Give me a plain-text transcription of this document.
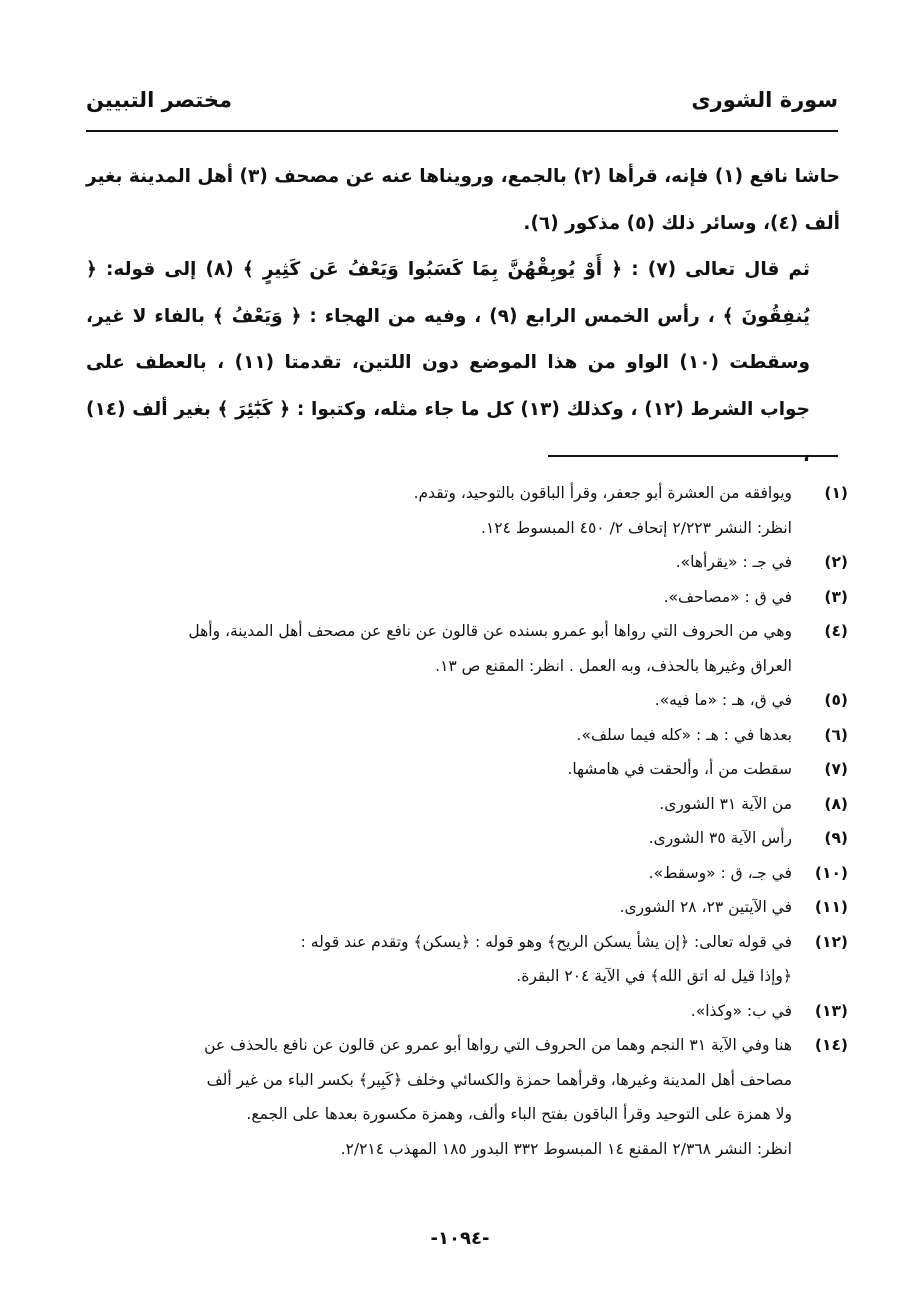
سورة الشورى
مختصر التبيين

حاشا نافع (١) فإنه، قرأها (٢) بالجمع، ورويناها عنه عن مصحف (٣) أهل المدينة بغير ألف (٤)، وسائر ذلك (٥) مذكور (٦).

ثم قال تعالى (٧) : ﴿ أَوْ يُوبِقْهُنَّ بِمَا كَسَبُوا وَيَعْفُ عَن كَثِيرٍ ﴾ (٨) إلى قوله: ﴿ يُنفِقُونَ ﴾ ، رأس الخمس الرابع (٩) ، وفيه من الهجاء : ﴿ وَيَعْفُ ﴾ بالفاء لا غير، وسقطت (١٠) الواو من هذا الموضع دون اللتين، تقدمتا (١١) ، بالعطف على جواب الشرط (١٢) ، وكذلك (١٣) كل ما جاء مثله، وكتبوا : ﴿ كَبَٰٓئِرَ ﴾ بغير ألف (١٤) ،

(١)
ويوافقه من العشرة أبو جعفر، وقرأ الباقون بالتوحيد، وتقدم.
انظر: النشر ٢/٢٢٣ إتحاف ٢/ ٤٥٠ المبسوط ١٢٤.
(٢)
في جـ : «يقرأها».
(٣)
في ق : «مصاحف».
(٤)
وهي من الحروف التي رواها أبو عمرو بسنده عن قالون عن نافع عن مصحف أهل المدينة، وأهل
العراق وغيرها بالحذف، وبه العمل . انظر: المقنع ص ١٣.
(٥)
في ق، هـ : «ما فيه».
(٦)
بعدها في : هـ : «كله فيما سلف».
(٧)
سقطت من أ، وألحقت في هامشها.
(٨)
من الآية ٣١ الشورى.
(٩)
رأس الآية ٣٥ الشورى.
(١٠)
في جـ، ق : «وسقط».
(١١)
في الآيتين ٢٣، ٢٨ الشورى.
(١٢)
في قوله تعالى: ﴿إن يشأ يسكن الريح﴾ وهو قوله : ﴿يسكن﴾ وتقدم عند قوله :
﴿وإذا قيل له اتق الله﴾ في الآية ٢٠٤ البقرة.
(١٣)
في ب: «وكذا».
(١٤)
هنا وفي الآية ٣١ النجم وهما من الحروف التي رواها أبو عمرو عن قالون عن نافع بالحذف عن
مصاحف أهل المدينة وغيرها، وقرأهما حمزة والكسائي وخلف ﴿كَبِير﴾ بكسر الباء من غير ألف
ولا همزة على التوحيد وقرأ الباقون بفتح الباء وألف، وهمزة مكسورة بعدها على الجمع.
انظر: النشر ٢/٣٦٨ المقنع ١٤ المبسوط ٣٣٢ البدور ١٨٥ المهذب ٢/٢١٤.
-١٠٩٤-
